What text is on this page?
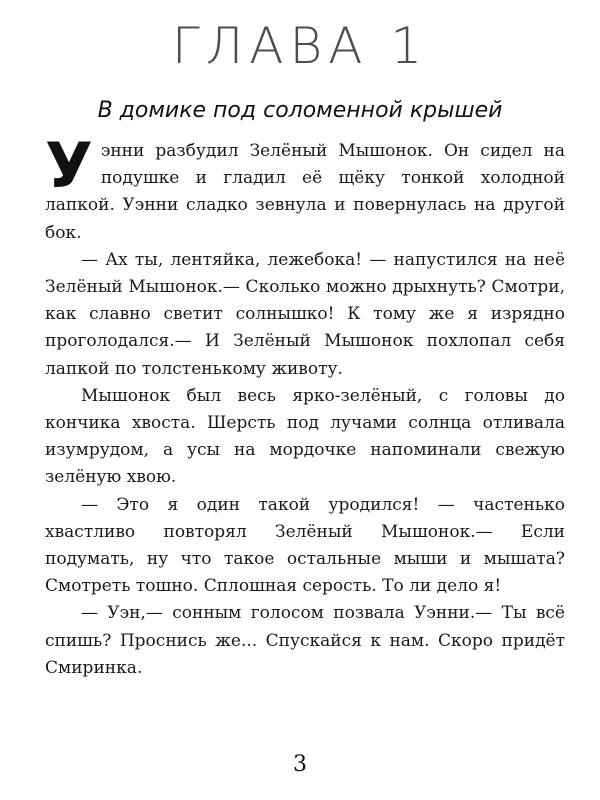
ГЛАВА 1
В домике под соломенной крышей

Уэнни разбудил Зелёный Мышонок. Он сидел на подушке и гладил её щёку тонкой холодной лапкой. Уэнни сладко зевнула и повернулась на другой бок.

— Ах ты, лентяйка, лежебока! — напустился на неё Зелёный Мышонок.— Сколько можно дрыхнуть? Смотри, как славно светит солнышко! К тому же я изрядно проголодался.— И Зелёный Мышонок похлопал себя лапкой по толстенькому животу.

Мышонок был весь ярко-зелёный, с головы до кончика хвоста. Шерсть под лучами солнца отливала изумрудом, а усы на мордочке напоминали свежую зелёную хвою.

— Это я один такой уродился! — частенько хвастливо повторял Зелёный Мышонок.— Если подумать, ну что такое остальные мыши и мышата? Смотреть тошно. Сплошная серость. То ли дело я!

— Уэн,— сонным голосом позвала Уэнни.— Ты всё спишь? Проснись же... Спускайся к нам. Скоро придёт Смиринка.

3
